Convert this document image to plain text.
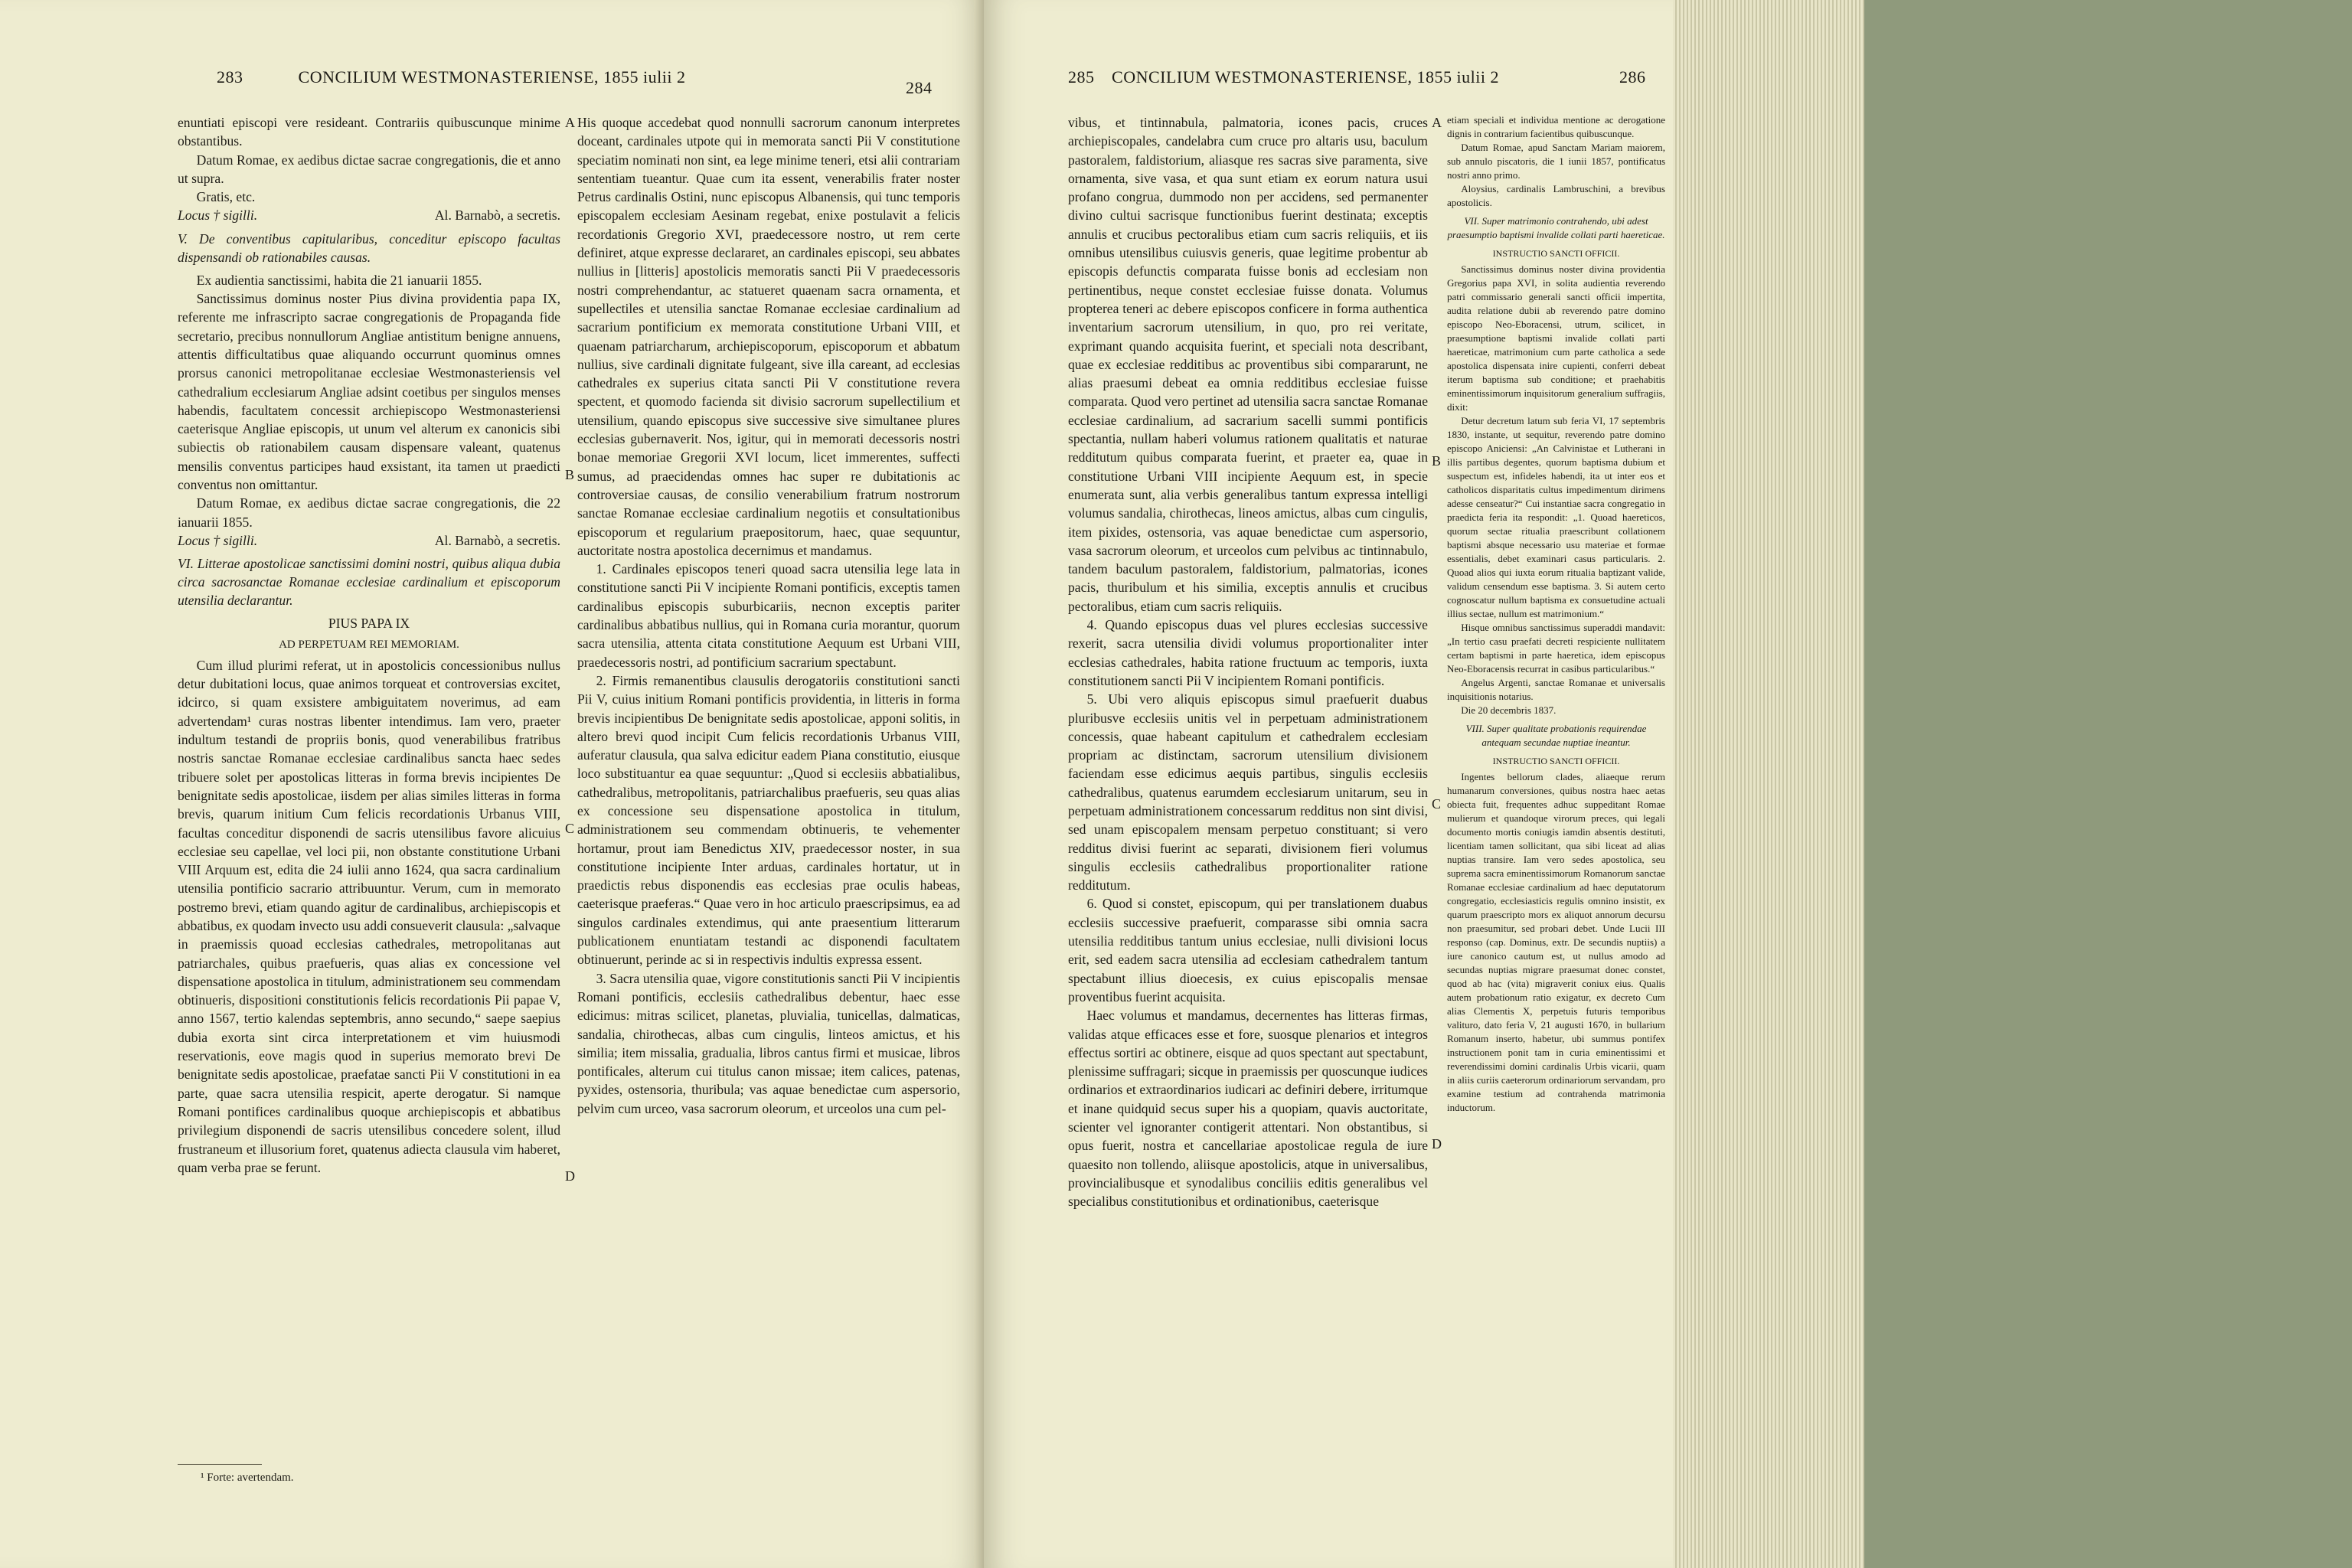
283	CONCILIUM WESTMONASTERIENSE, 1855 iulii 2
284

enuntiati episcopi vere resideant. Contrariis quibuscunque minime obstantibus.

Datum Romae, ex aedibus dictae sacrae congregationis, die et anno ut supra.

Gratis, etc.

Locus † sigilli.	Al. Barnabò, a secretis.
V. De conventibus capitularibus, conceditur episcopo facultas dispensandi ob rationabiles causas.

Ex audientia sanctissimi, habita die 21 ianuarii 1855.

Sanctissimus dominus noster Pius divina providentia papa IX, referente me infrascripto sacrae congregationis de Propaganda fide secretario, precibus nonnullorum Angliae antistitum benigne annuens, attentis difficultatibus quae aliquando occurrunt quominus omnes prorsus canonici metropolitanae ecclesiae Westmonasteriensis vel cathedralium ecclesiarum Angliae adsint coetibus per singulos menses habendis, facultatem concessit archiepiscopo Westmonasteriensi caeterisque Angliae episcopis, ut unum vel alterum ex canonicis sibi subiectis ob rationabilem causam dispensare valeant, quatenus mensilis conventus participes haud exsistant, ita tamen ut praedicti conventus non omittantur.

Datum Romae, ex aedibus dictae sacrae congregationis, die 22 ianuarii 1855.

Locus † sigilli.	Al. Barnabò, a secretis.
VI. Litterae apostolicae sanctissimi domini nostri, quibus aliqua dubia circa sacrosanctae Romanae ecclesiae cardinalium et episcoporum utensilia declarantur.

PIUS PAPA IX

AD PERPETUAM REI MEMORIAM.

Cum illud plurimi referat, ut in apostolicis concessionibus nullus detur dubitationi locus, quae animos torqueat et controversias excitet, idcirco, si quam exsistere ambiguitatem noverimus, ad eam advertendam¹ curas nostras libenter intendimus. Iam vero, praeter indultum testandi de propriis bonis, quod venerabilibus fratribus nostris sanctae Romanae ecclesiae cardinalibus sancta haec sedes tribuere solet per apostolicas litteras in forma brevis incipientes De benignitate sedis apostolicae, iisdem per alias similes litteras in forma brevis, quarum initium Cum felicis recordationis Urbanus VIII, facultas conceditur disponendi de sacris utensilibus favore alicuius ecclesiae seu capellae, vel loci pii, non obstante constitutione Urbani VIII Arquum est, edita die 24 iulii anno 1624, qua sacra cardinalium utensilia pontificio sacrario attribuuntur. Verum, cum in memorato postremo brevi, etiam quando agitur de cardinalibus, archiepiscopis et abbatibus, ex quodam invecto usu addi consueverit clausula: „salvaque in praemissis quoad ecclesias cathedrales, metropolitanas aut patriarchales, quibus praefueris, quas alias ex concessione vel dispensatione apostolica in titulum, administrationem seu commendam obtinueris, dispositioni constitutionis felicis recordationis Pii papae V, anno 1567, tertio kalendas septembris, anno secundo,“ saepe saepius dubia exorta sint circa interpretationem et vim huiusmodi reservationis, eove magis quod in superius memorato brevi De benignitate sedis apostolicae, praefatae sancti Pii V constitutioni in ea parte, quae sacra utensilia respicit, aperte derogatur. Si namque Romani pontifices cardinalibus quoque archiepiscopis et abbatibus privilegium disponendi de sacris utensilibus concedere solent, illud frustraneum et illusorium foret, quatenus adiecta clausula vim haberet, quam verba prae se ferunt.

¹ Forte: avertendam.
A
B
C
D

His quoque accedebat quod nonnulli sacrorum canonum interpretes doceant, cardinales utpote qui in memorata sancti Pii V constitutione speciatim nominati non sint, ea lege minime teneri, etsi alii contrariam sententiam tueantur. Quae cum ita essent, venerabilis frater noster Petrus cardinalis Ostini, nunc episcopus Albanensis, qui tunc temporis episcopalem ecclesiam Aesinam regebat, enixe postulavit a felicis recordationis Gregorio XVI, praedecessore nostro, ut rem certe definiret, atque expresse declararet, an cardinales episcopi, seu abbates nullius in [litteris] apostolicis memoratis sancti Pii V praedecessoris nostri comprehendantur, ac statueret quaenam sacra ornamenta, et supellectiles et utensilia sanctae Romanae ecclesiae cardinalium ad sacrarium pontificium ex memorata constitutione Urbani VIII, et quaenam patriarcharum, archiepiscoporum, episcoporum et abbatum nullius, sive cardinali dignitate fulgeant, sive illa careant, ad ecclesias cathedrales ex superius citata sancti Pii V constitutione revera spectent, et quomodo facienda sit divisio sacrorum supellectilium et utensilium, quando episcopus sive successive sive simultanee plures ecclesias gubernaverit. Nos, igitur, qui in memorati decessoris nostri bonae memoriae Gregorii XVI locum, licet immerentes, suffecti sumus, ad praecidendas omnes hac super re dubitationis ac controversiae causas, de consilio venerabilium fratrum nostrorum sanctae Romanae ecclesiae cardinalium negotiis et consultationibus episcoporum et regularium praepositorum, haec, quae sequuntur, auctoritate nostra apostolica decernimus et mandamus.

1. Cardinales episcopos teneri quoad sacra utensilia lege lata in constitutione sancti Pii V incipiente Romani pontificis, exceptis tamen cardinalibus episcopis suburbicariis, necnon exceptis pariter cardinalibus abbatibus nullius, qui in Romana curia morantur, quorum sacra utensilia, attenta citata constitutione Aequum est Urbani VIII, praedecessoris nostri, ad pontificium sacrarium spectabunt.

2. Firmis remanentibus clausulis derogatoriis constitutioni sancti Pii V, cuius initium Romani pontificis providentia, in litteris in forma brevis incipientibus De benignitate sedis apostolicae, apponi solitis, in altero brevi quod incipit Cum felicis recordationis Urbanus VIII, auferatur clausula, qua salva edicitur eadem Piana constitutio, eiusque loco substituantur ea quae sequuntur: „Quod si ecclesiis abbatialibus, cathedralibus, metropolitanis, patriarchalibus praefueris, seu quas alias ex concessione seu dispensatione apostolica in titulum, administrationem seu commendam obtinueris, te vehementer hortamur, prout iam Benedictus XIV, praedecessor noster, in sua constitutione incipiente Inter arduas, cardinales hortatur, ut in praedictis rebus disponendis eas ecclesias prae oculis habeas, caeterisque praeferas.“ Quae vero in hoc articulo praescripsimus, ea ad singulos cardinales extendimus, qui ante praesentium litterarum publicationem enuntiatam testandi ac disponendi facultatem obtinuerunt, perinde ac si in respectivis indultis expressa essent.

3. Sacra utensilia quae, vigore constitutionis sancti Pii V incipientis Romani pontificis, ecclesiis cathedralibus debentur, haec esse edicimus: mitras scilicet, planetas, pluvialia, tunicellas, dalmaticas, sandalia, chirothecas, albas cum cingulis, linteos amictus, et his similia; item missalia, gradualia, libros cantus firmi et musicae, libros pontificales, alterum cui titulus canon missae; item calices, patenas, pyxides, ostensoria, thuribula; vas aquae benedictae cum aspersorio, pelvim cum urceo, vasa sacrorum oleorum, et urceolos una cum pel-

285	CONCILIUM WESTMONASTERIENSE, 1855 iulii 2	286

vibus, et tintinnabula, palmatoria, icones pacis, cruces archiepiscopales, candelabra cum cruce pro altaris usu, baculum pastoralem, faldistorium, aliasque res sacras sive paramenta, sive ornamenta, sive vasa, et qua sunt etiam ex eorum natura usui profano congrua, dummodo non per accidens, sed permanenter divino cultui sacrisque functionibus fuerint destinata; exceptis annulis et crucibus pectoralibus etiam cum sacris reliquiis, et iis omnibus utensilibus cuiusvis generis, quae legitime probentur ab episcopis defunctis comparata fuisse bonis ad ecclesiam non pertinentibus, neque constet ecclesiae fuisse donata. Volumus propterea teneri ac debere episcopos conficere in forma authentica inventarium sacrorum utensilium, in quo, pro rei veritate, exprimant quando acquisita fuerint, et speciali nota describant, quae ex ecclesiae redditibus ac proventibus sibi compararunt, ne alias praesumi debeat ea omnia redditibus ecclesiae fuisse comparata. Quod vero pertinet ad utensilia sacra sanctae Romanae ecclesiae cardinalium, ad sacrarium sacelli summi pontificis spectantia, nullam haberi volumus rationem qualitatis et naturae redditutum quibus comparata fuerint, et praeter ea, quae in constitutione Urbani VIII incipiente Aequum est, in specie enumerata sunt, alia verbis generalibus tantum expressa intelligi volumus sandalia, chirothecas, lineos amictus, albas cum cingulis, item pixides, ostensoria, vas aquae benedictae cum aspersorio, vasa sacrorum oleorum, et urceolos cum pelvibus ac tintinnabulo, tandem baculum pastoralem, faldistorium, palmatorias, icones pacis, thuribulum et his similia, exceptis annulis et crucibus pectoralibus, etiam cum sacris reliquiis.

4. Quando episcopus duas vel plures ecclesias successive rexerit, sacra utensilia dividi volumus proportionaliter inter ecclesias cathedrales, habita ratione fructuum ac temporis, iuxta constitutionem sancti Pii V incipientem Romani pontificis.

5. Ubi vero aliquis episcopus simul praefuerit duabus pluribusve ecclesiis unitis vel in perpetuam administrationem concessis, quae habeant capitulum et cathedralem ecclesiam propriam ac distinctam, sacrorum utensilium divisionem faciendam esse edicimus aequis partibus, singulis ecclesiis cathedralibus, quatenus earumdem ecclesiarum unitarum, seu in perpetuam administrationem concessarum redditus non sint divisi, sed unam episcopalem mensam perpetuo constituant; si vero redditus divisi fuerint ac separati, divisionem fieri volumus singulis ecclesiis cathedralibus proportionaliter ratione redditutum.

6. Quod si constet, episcopum, qui per translationem duabus ecclesiis successive praefuerit, comparasse sibi omnia sacra utensilia redditibus tantum unius ecclesiae, nulli divisioni locus erit, sed eadem sacra utensilia ad ecclesiam cathedralem tantum spectabunt illius dioecesis, ex cuius episcopalis mensae proventibus fuerint acquisita.

Haec volumus et mandamus, decernentes has litteras firmas, validas atque efficaces esse et fore, suosque plenarios et integros effectus sortiri ac obtinere, eisque ad quos spectant aut spectabunt, plenissime suffragari; sicque in praemissis per quoscunque iudices ordinarios et extraordinarios iudicari ac definiri debere, irritumque et inane quidquid secus super his a quopiam, quavis auctoritate, scienter vel ignoranter contigerit attentari. Non obstantibus, si opus fuerit, nostra et cancellariae apostolicae regula de iure quaesito non tollendo, aliisque apostolicis, atque in universalibus, provincialibusque et synodalibus conciliis editis generalibus vel specialibus constitutionibus et ordinationibus, caeterisque

A
B
C
D

etiam speciali et individua mentione ac derogatione dignis in contrarium facientibus quibuscunque.

Datum Romae, apud Sanctam Mariam maiorem, sub annulo piscatoris, die 1 iunii 1857, pontificatus nostri anno primo.

Aloysius, cardinalis Lambruschini, a brevibus apostolicis.

VII. Super matrimonio contrahendo, ubi adest praesumptio baptismi invalide collati parti haereticae.

INSTRUCTIO SANCTI OFFICII.

Sanctissimus dominus noster divina providentia Gregorius papa XVI, in solita audientia reverendo patri commissario generali sancti officii impertita, audita relatione dubii ab reverendo patre domino episcopo Neo-Eboracensi, utrum, scilicet, in praesumptione baptismi invalide collati parti haereticae, matrimonium cum parte catholica a sede apostolica dispensata inire cupienti, conferri debeat iterum baptisma sub conditione; et praehabitis eminentissimorum inquisitorum generalium suffragiis, dixit:

Detur decretum latum sub feria VI, 17 septembris 1830, instante, ut sequitur, reverendo patre domino episcopo Aniciensi: „An Calvinistae et Lutherani in illis partibus degentes, quorum baptisma dubium et suspectum est, infideles habendi, ita ut inter eos et catholicos disparitatis cultus impedimentum dirimens adesse censeatur?“ Cui instantiae sacra congregatio in praedicta feria ita respondit: „1. Quoad haereticos, quorum sectae ritualia praescribunt collationem baptismi absque necessario usu materiae et formae essentialis, debet examinari casus particularis. 2. Quoad alios qui iuxta eorum ritualia baptizant valide, validum censendum esse baptisma. 3. Si autem certo cognoscatur nullum baptisma ex consuetudine actuali illius sectae, nullum est matrimonium.“

Hisque omnibus sanctissimus superaddi mandavit: „In tertio casu praefati decreti respiciente nullitatem certam baptismi in parte haeretica, idem episcopus Neo-Eboracensis recurrat in casibus particularibus.“

Angelus Argenti, sanctae Romanae et universalis inquisitionis notarius.

Die 20 decembris 1837.

VIII. Super qualitate probationis requirendae antequam secundae nuptiae ineantur.

INSTRUCTIO SANCTI OFFICII.

Ingentes bellorum clades, aliaeque rerum humanarum conversiones, quibus nostra haec aetas obiecta fuit, frequentes adhuc suppeditant Romae mulierum et quandoque virorum preces, qui legali documento mortis coniugis iamdin absentis destituti, licentiam tamen sollicitant, qua sibi liceat ad alias nuptias transire. Iam vero sedes apostolica, seu suprema sacra eminentissimorum Romanorum sanctae Romanae ecclesiae cardinalium ad haec deputatorum congregatio, ecclesiasticis regulis omnino insistit, ex quarum praescripto mors ex aliquot annorum decursu non praesumitur, sed probari debet. Unde Lucii III responso (cap. Dominus, extr. De secundis nuptiis) a iure canonico cautum est, ut nullus amodo ad secundas nuptias migrare praesumat donec constet, quod ab hac (vita) migraverit coniux eius. Qualis autem probationum ratio exigatur, ex decreto Cum alias Clementis X, perpetuis futuris temporibus valituro, dato feria V, 21 augusti 1670, in bullarium Romanum inserto, habetur, ubi summus pontifex instructionem ponit tam in curia eminentissimi et reverendissimi domini cardinalis Urbis vicarii, quam in aliis curiis caeterorum ordinariorum servandam, pro examine testium ad contrahenda matrimonia inductorum.
